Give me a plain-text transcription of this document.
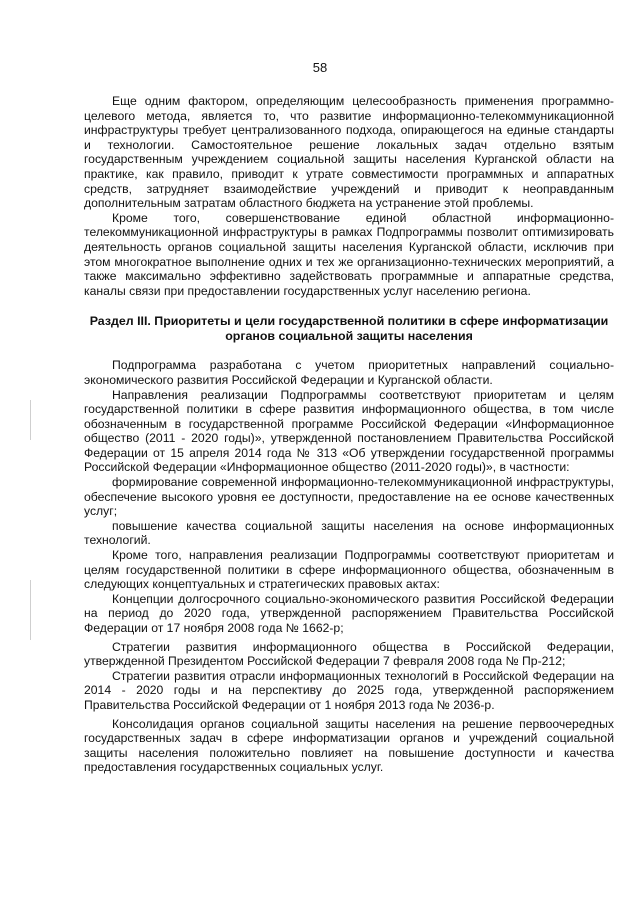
58

Еще одним фактором, определяющим целесообразность применения программно-целевого метода, является то, что развитие информационно-телекоммуникационной инфраструктуры требует централизованного подхода, опирающегося на единые стандарты и технологии. Самостоятельное решение локальных задач отдельно взятым государственным учреждением социальной защиты населения Курганской области на практике, как правило, приводит к утрате совместимости программных и аппаратных средств, затрудняет взаимодействие учреждений и приводит к неоправданным дополнительным затратам областного бюджета на устранение этой проблемы.

Кроме того, совершенствование единой областной информационно-телекоммуникационной инфраструктуры в рамках Подпрограммы позволит оптимизировать деятельность органов социальной защиты населения Курганской области, исключив при этом многократное выполнение одних и тех же организационно-технических мероприятий, а также максимально эффективно задействовать программные и аппаратные средства, каналы связи при предоставлении государственных услуг населению региона.

Раздел III. Приоритеты и цели государственной политики в сфере информатизации органов социальной защиты населения

Подпрограмма разработана с учетом приоритетных направлений социально-экономического развития Российской Федерации и Курганской области.

Направления реализации Подпрограммы соответствуют приоритетам и целям государственной политики в сфере развития информационного общества, в том числе обозначенным в государственной программе Российской Федерации «Информационное общество (2011 - 2020 годы)», утвержденной постановлением Правительства Российской Федерации от 15 апреля 2014 года № 313 «Об утверждении государственной программы Российской Федерации «Информационное общество (2011-2020 годы)», в частности:

формирование современной информационно-телекоммуникационной инфраструктуры, обеспечение высокого уровня ее доступности, предоставление на ее основе качественных услуг;

повышение качества социальной защиты населения на основе информационных технологий.

Кроме того, направления реализации Подпрограммы соответствуют приоритетам и целям государственной политики в сфере информационного общества, обозначенным в следующих концептуальных и стратегических правовых актах:

Концепции долгосрочного социально-экономического развития Российской Федерации на период до 2020 года, утвержденной распоряжением Правительства Российской Федерации от 17 ноября 2008 года № 1662-р;

Стратегии развития информационного общества в Российской Федерации, утвержденной Президентом Российской Федерации 7 февраля 2008 года № Пр-212;

Стратегии развития отрасли информационных технологий в Российской Федерации на 2014 - 2020 годы и на перспективу до 2025 года, утвержденной распоряжением Правительства Российской Федерации от 1 ноября 2013 года № 2036-р.

Консолидация органов социальной защиты населения на решение первоочередных государственных задач в сфере информатизации органов и учреждений социальной защиты населения положительно повлияет на повышение доступности и качества предоставления государственных социальных услуг.
